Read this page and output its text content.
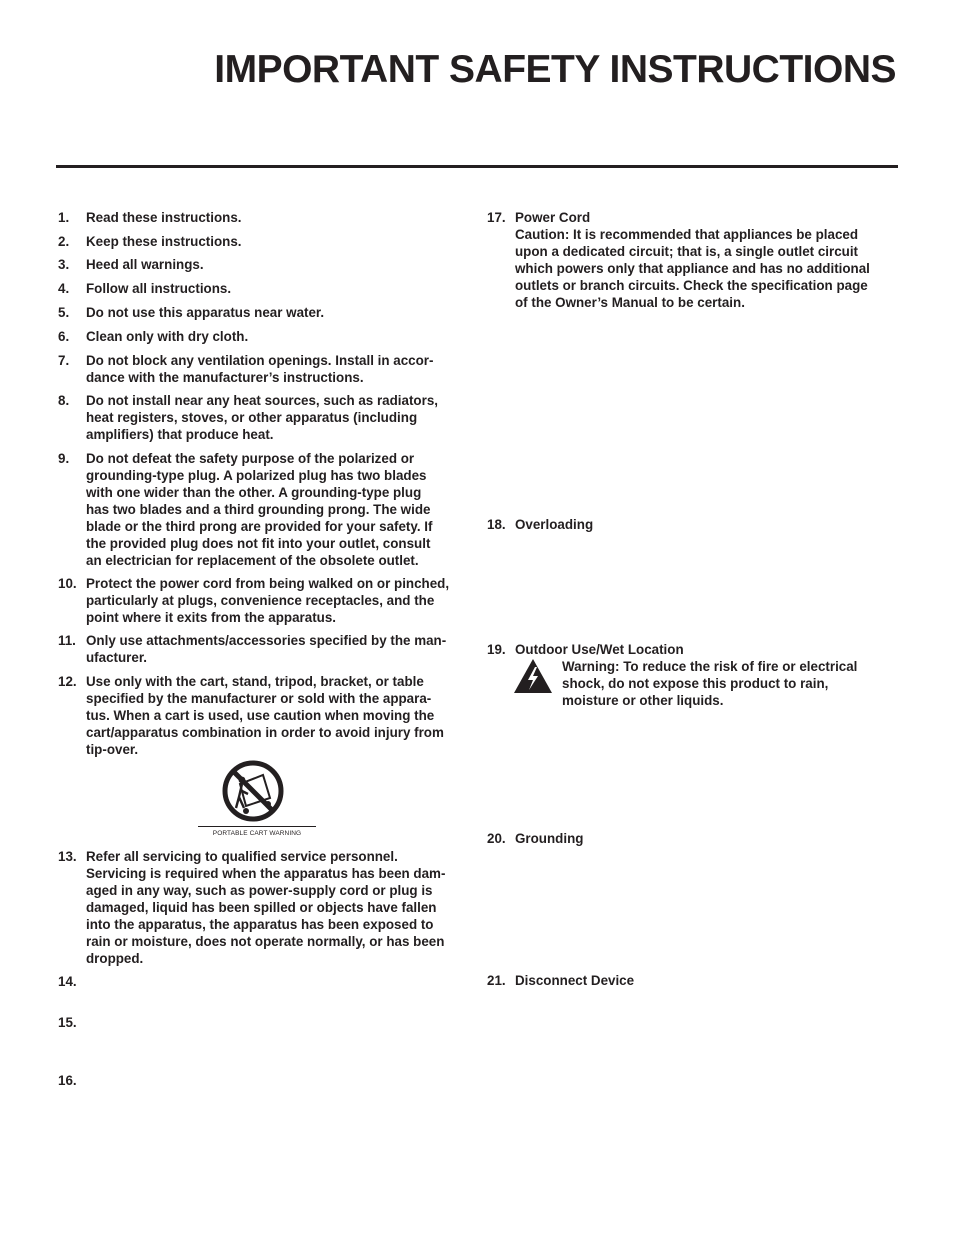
IMPORTANT SAFETY INSTRUCTIONS
PORTABLE CART WARNING
1. Read these instructions.
2. Keep these instructions.
3. Heed all warnings.
4. Follow all instructions.
5. Do not use this apparatus near water.
6. Clean only with dry cloth.
7. Do not block any ventilation openings. Install in accor-
dance with the manufacturer’s instructions.
8. Do not install near any heat sources, such as radiators,
heat registers, stoves, or other apparatus (including
amplifiers) that produce heat.
9. Do not defeat the safety purpose of the polarized or
grounding-type plug. A polarized plug has two blades
with one wider than the other. A grounding-type plug
has two blades and a third grounding prong. The wide
blade or the third prong are provided for your safety. If
the provided plug does not fit into your outlet, consult
an electrician for replacement of the obsolete outlet.
10. Protect the power cord from being walked on or pinched,
particularly at plugs, convenience receptacles, and the
point where it exits from the apparatus.
11. Only use attachments/accessories specified by the man-
ufacturer.
12. Use only with the cart, stand, tripod, bracket, or table
specified by the manufacturer or sold with the appara-
tus. When a cart is used, use caution when moving the
cart/apparatus combination in order to avoid injury from
tip-over.
13. Refer all servicing to qualified service personnel.
Servicing is required when the apparatus has been dam-
aged in any way, such as power-supply cord or plug is
damaged, liquid has been spilled or objects have fallen
into the apparatus, the apparatus has been exposed to
rain or moisture, does not operate normally, or has been
dropped.
14.
15.
16.
17. Power Cord
Caution: It is recommended that appliances be placed
upon a dedicated circuit; that is, a single outlet circuit
which powers only that appliance and has no additional
outlets or branch circuits. Check the specification page
of the Owner’s Manual to be certain.
18. Overloading
19. Outdoor Use/Wet Location
Warning: To reduce the risk of fire or electrical
shock, do not expose this product to rain,
moisture or other liquids.
20. Grounding
21. Disconnect Device
